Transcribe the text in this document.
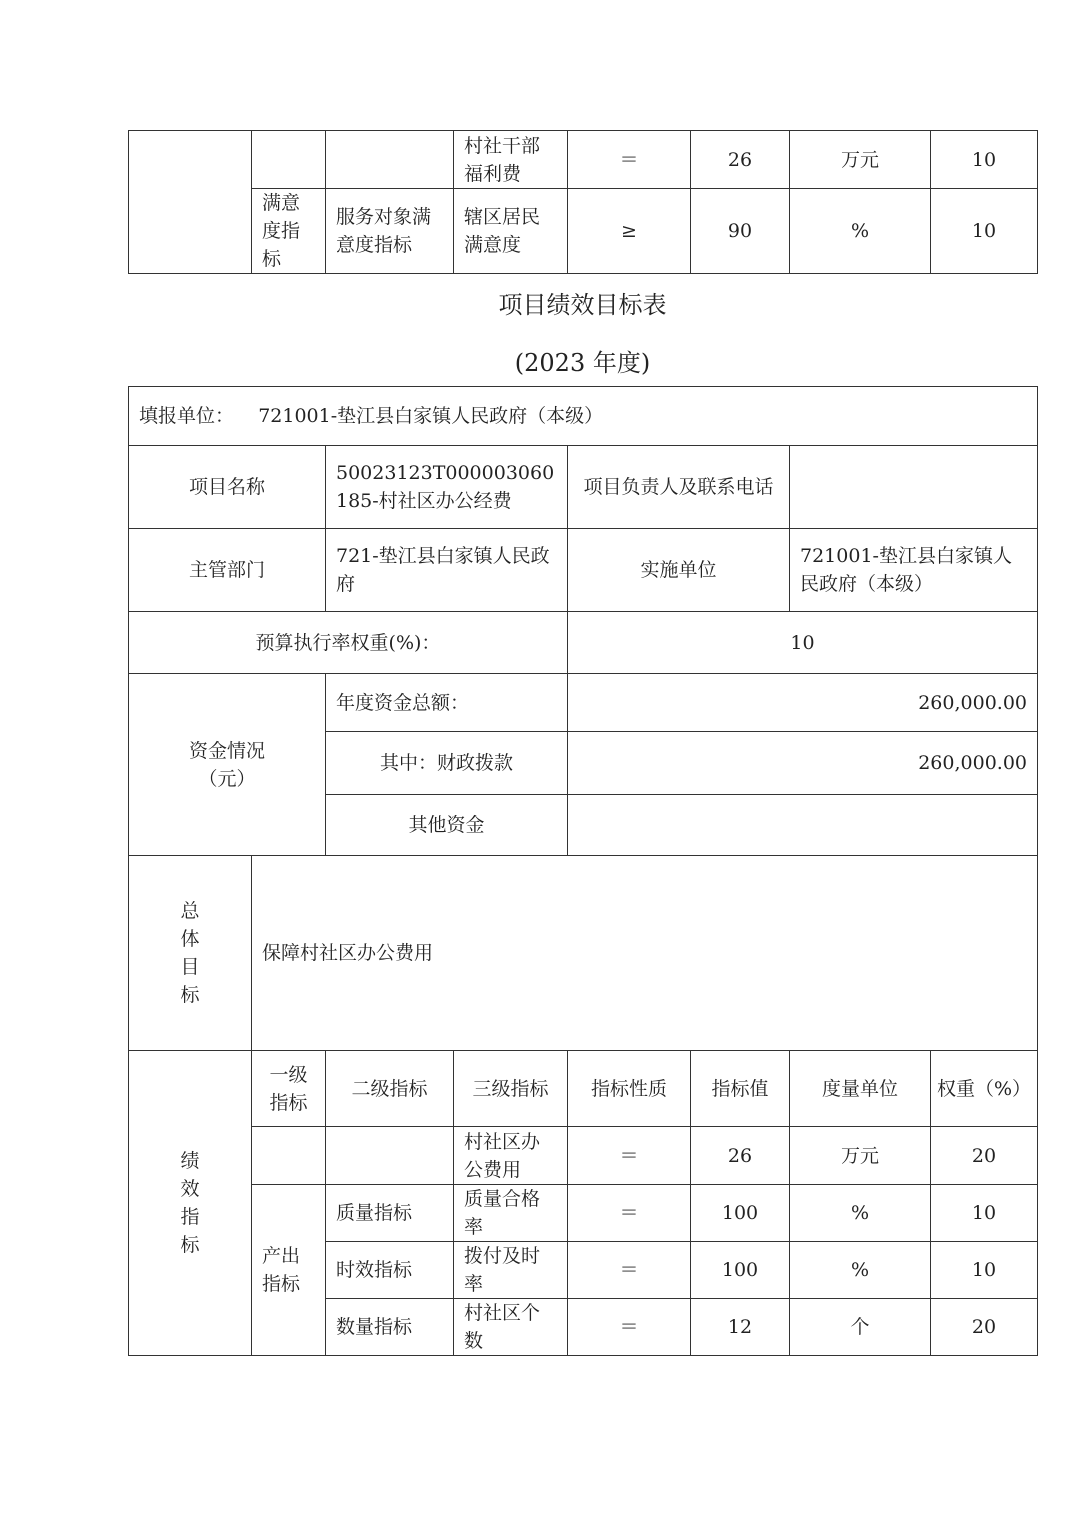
			村社干部福利费	＝	26	万元	10
	满意度指标	服务对象满意度指标	辖区居民满意度	≥	90	%	10
项目绩效目标表
(2023 年度)
填报单位： 721001-垫江县白家镇人民政府（本级）							
项目名称		50023123T000003060185-村社区办公经费		项目负责人及联系电话			
主管部门		721-垫江县白家镇人民政府		实施单位		721001-垫江县白家镇人民政府（本级）	
预算执行率权重(%)：				10			

资金情况（元）		年度资金总额：		260,000.00			
		其中：财政拨款		260,000.00			
		其他资金					

总体目标	保障村社区办公费用						

绩效指标	一级指标	二级指标	三级指标	指标性质	指标值	度量单位	权重（%）
			村社区办公费用	＝	26	万元	20
	产出指标	质量指标	质量合格率	＝	100	%	10
		时效指标	拨付及时率	＝	100	%	10
		数量指标	村社区个数	＝	12	个	20
